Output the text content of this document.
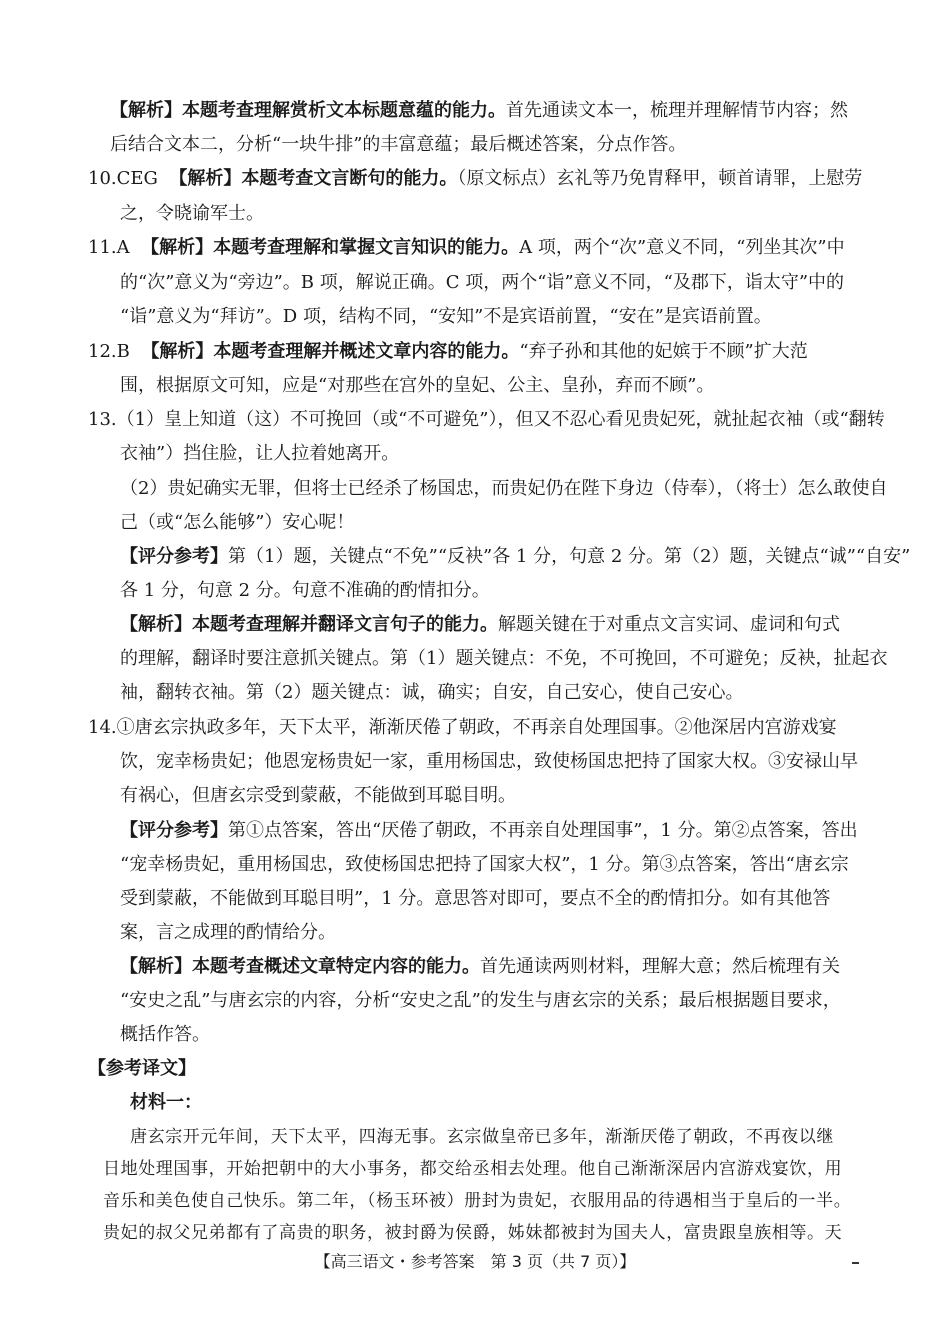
【解析】本题考查理解赏析文本标题意蕴的能力。首先通读文本一，梳理并理解情节内容；然
后结合文本二，分析“一块牛排”的丰富意蕴；最后概述答案，分点作答。
10.CEG 【解析】本题考查文言断句的能力。（原文标点）玄礼等乃免胄释甲，顿首请罪，上慰劳
之，令晓谕军士。
11.A 【解析】本题考查理解和掌握文言知识的能力。A 项，两个“次”意义不同，“列坐其次”中
的“次”意义为“旁边”。B 项，解说正确。C 项，两个“诣”意义不同，“及郡下，诣太守”中的
“诣”意义为“拜访”。D 项，结构不同，“安知”不是宾语前置，“安在”是宾语前置。
12.B 【解析】本题考查理解并概述文章内容的能力。“弃子孙和其他的妃嫔于不顾”扩大范
围，根据原文可知，应是“对那些在宫外的皇妃、公主、皇孙，弃而不顾”。
13.（1）皇上知道（这）不可挽回（或“不可避免”），但又不忍心看见贵妃死，就扯起衣袖（或“翻转
衣袖”）挡住脸，让人拉着她离开。
（2）贵妃确实无罪，但将士已经杀了杨国忠，而贵妃仍在陛下身边（侍奉），（将士）怎么敢使自
己（或“怎么能够”）安心呢！
【评分参考】第（1）题，关键点“不免”“反袂”各 1 分，句意 2 分。第（2）题，关键点“诚”“自安”
各 1 分，句意 2 分。句意不准确的酌情扣分。
【解析】本题考查理解并翻译文言句子的能力。解题关键在于对重点文言实词、虚词和句式
的理解，翻译时要注意抓关键点。第（1）题关键点：不免，不可挽回，不可避免；反袂，扯起衣
袖，翻转衣袖。第（2）题关键点：诚，确实；自安，自己安心，使自己安心。
14.①唐玄宗执政多年，天下太平，渐渐厌倦了朝政，不再亲自处理国事。②他深居内宫游戏宴
饮，宠幸杨贵妃；他恩宠杨贵妃一家，重用杨国忠，致使杨国忠把持了国家大权。③安禄山早
有祸心，但唐玄宗受到蒙蔽，不能做到耳聪目明。
【评分参考】第①点答案，答出“厌倦了朝政，不再亲自处理国事”，1 分。第②点答案，答出
“宠幸杨贵妃，重用杨国忠，致使杨国忠把持了国家大权”，1 分。第③点答案，答出“唐玄宗
受到蒙蔽，不能做到耳聪目明”，1 分。意思答对即可，要点不全的酌情扣分。如有其他答
案，言之成理的酌情给分。
【解析】本题考查概述文章特定内容的能力。首先通读两则材料，理解大意；然后梳理有关
“安史之乱”与唐玄宗的内容，分析“安史之乱”的发生与唐玄宗的关系；最后根据题目要求，
概括作答。
【参考译文】
材料一：
唐玄宗开元年间，天下太平，四海无事。玄宗做皇帝已多年，渐渐厌倦了朝政，不再夜以继
日地处理国事，开始把朝中的大小事务，都交给丞相去处理。他自己渐渐深居内宫游戏宴饮，用
音乐和美色使自己快乐。第二年，（杨玉环被）册封为贵妃，衣服用品的待遇相当于皇后的一半。
贵妃的叔父兄弟都有了高贵的职务，被封爵为侯爵，姊妹都被封为国夫人，富贵跟皇族相等。天
【高三语文・参考答案　第 3 页（共 7 页）】
